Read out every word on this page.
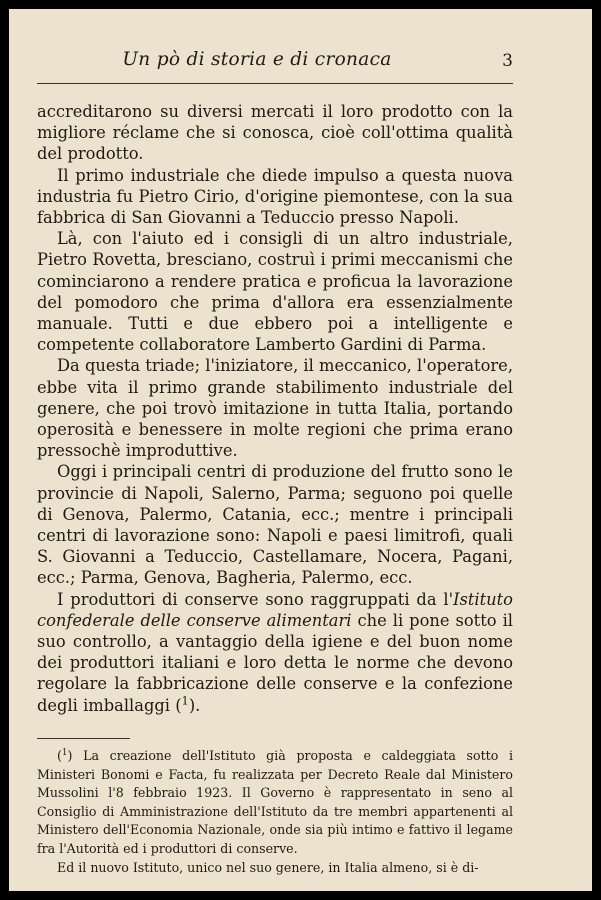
Un pò di storia e di cronaca	3

accreditarono su diversi mercati il loro prodotto con la migliore réclame che si conosca, cioè coll'ottima qualità del prodotto.

Il primo industriale che diede impulso a questa nuova industria fu Pietro Cirio, d'origine piemontese, con la sua fabbrica di San Giovanni a Teduccio presso Napoli.

Là, con l'aiuto ed i consigli di un altro industriale, Pietro Rovetta, bresciano, costruì i primi meccanismi che cominciarono a rendere pratica e proficua la lavorazione del pomodoro che prima d'allora era essenzialmente manuale. Tutti e due ebbero poi a intelligente e competente collaboratore Lamberto Gardini di Parma.

Da questa triade; l'iniziatore, il meccanico, l'operatore, ebbe vita il primo grande stabilimento industriale del genere, che poi trovò imitazione in tutta Italia, portando operosità e benessere in molte regioni che prima erano pressochè improduttive.

Oggi i principali centri di produzione del frutto sono le provincie di Napoli, Salerno, Parma; seguono poi quelle di Genova, Palermo, Catania, ecc.; mentre i principali centri di lavorazione sono: Napoli e paesi limitrofi, quali S. Giovanni a Teduccio, Castellamare, Nocera, Pagani, ecc.; Parma, Genova, Bagheria, Palermo, ecc.

I produttori di conserve sono raggruppati da l'Istituto confederale delle conserve alimentari che li pone sotto il suo controllo, a vantaggio della igiene e del buon nome dei produttori italiani e loro detta le norme che devono regolare la fabbricazione delle conserve e la confezione degli imballaggi ($^1$).

($^1$) La creazione dell'Istituto già proposta e caldeggiata sotto i Ministeri Bonomi e Facta, fu realizzata per Decreto Reale dal Ministero Mussolini l'8 febbraio 1923. Il Governo è rappresentato in seno al Consiglio di Amministrazione dell'Istituto da tre membri appartenenti al Ministero dell'Economia Nazionale, onde sia più intimo e fattivo il legame fra l'Autorità ed i produttori di conserve.

Ed il nuovo Istituto, unico nel suo genere, in Italia almeno, si è di-
